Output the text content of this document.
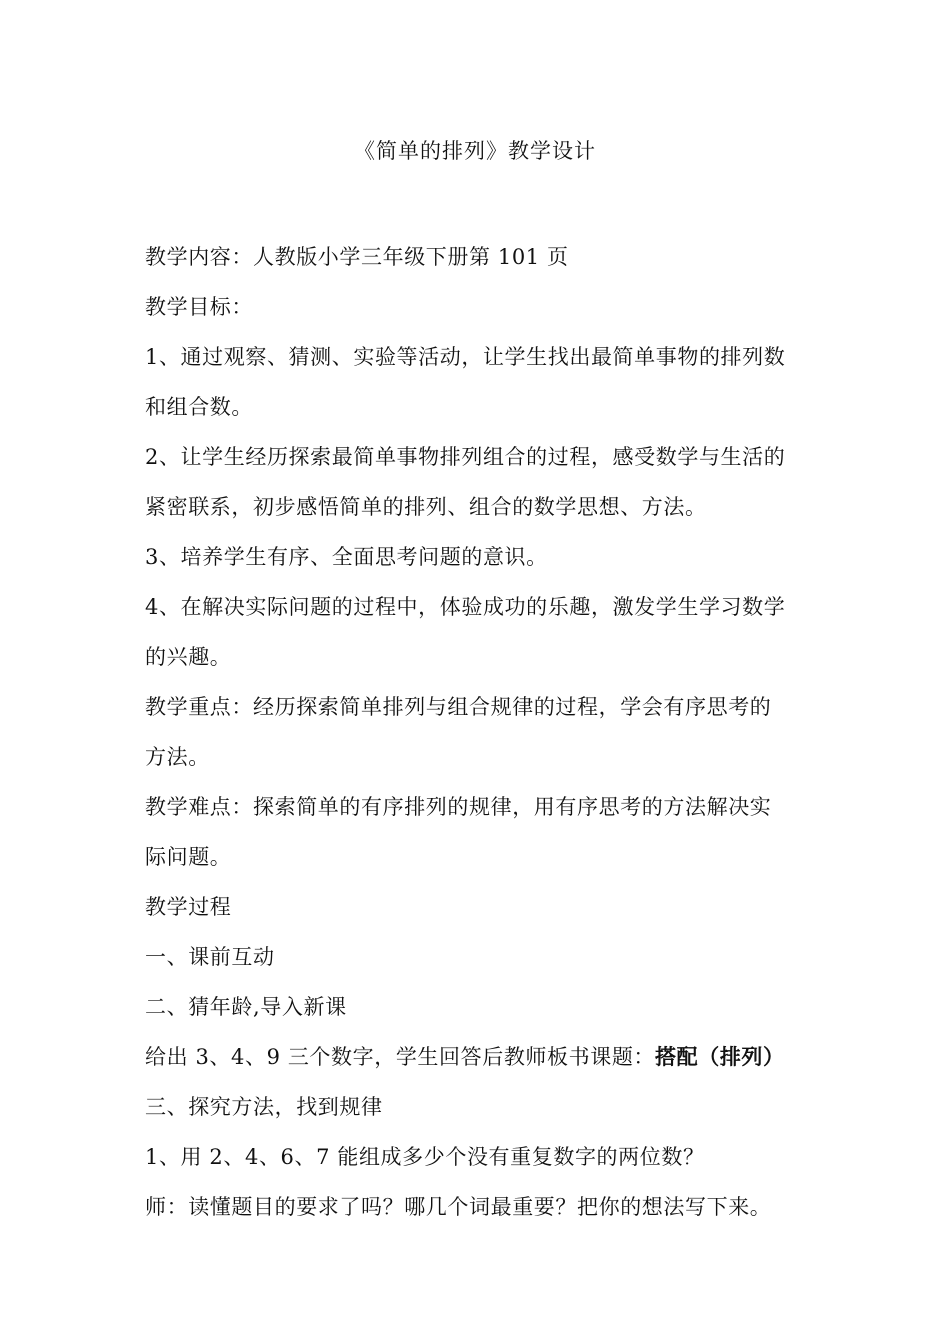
《简单的排列》教学设计

教学内容：人教版小学三年级下册第 101 页

教学目标：

1、通过观察、猜测、实验等活动，让学生找出最简单事物的排列数

和组合数。

2、让学生经历探索最简单事物排列组合的过程，感受数学与生活的

紧密联系，初步感悟简单的排列、组合的数学思想、方法。

3、培养学生有序、全面思考问题的意识。

4、在解决实际问题的过程中，体验成功的乐趣，激发学生学习数学

的兴趣。

教学重点：经历探索简单排列与组合规律的过程，学会有序思考的

方法。

教学难点：探索简单的有序排列的规律，用有序思考的方法解决实

际问题。

教学过程

一、课前互动

二、猜年龄,导入新课

给出 3、4、9 三个数字，学生回答后教师板书课题：搭配（排列）

三、探究方法，找到规律

1、用 2、4、6、7 能组成多少个没有重复数字的两位数？

师：读懂题目的要求了吗？哪几个词最重要？把你的想法写下来。
